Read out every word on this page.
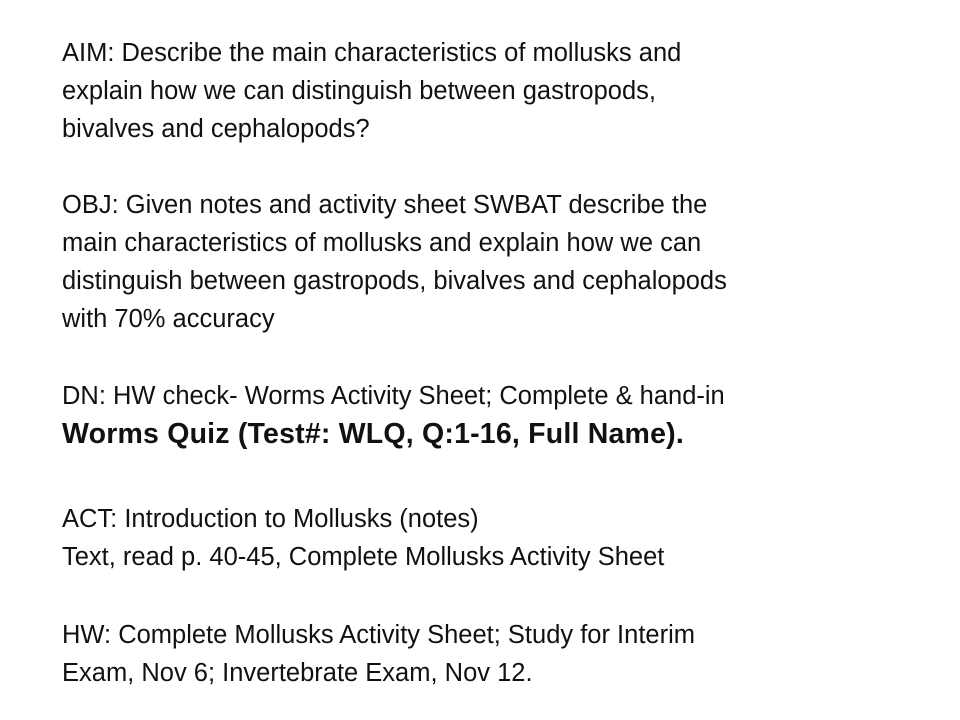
AIM: Describe the main characteristics of mollusks and
explain how we can distinguish between gastropods,
bivalves and cephalopods?
OBJ: Given notes and activity sheet SWBAT describe the
main characteristics of mollusks and explain how we can
distinguish between gastropods, bivalves and cephalopods
with 70% accuracy
DN: HW check- Worms Activity Sheet; Complete & hand-in
Worms Quiz (Test#: WLQ, Q:1-16, Full Name).
ACT: Introduction to Mollusks (notes)
Text, read p. 40-45, Complete Mollusks Activity Sheet
HW: Complete Mollusks Activity Sheet; Study for Interim
Exam, Nov 6; Invertebrate Exam, Nov 12.
